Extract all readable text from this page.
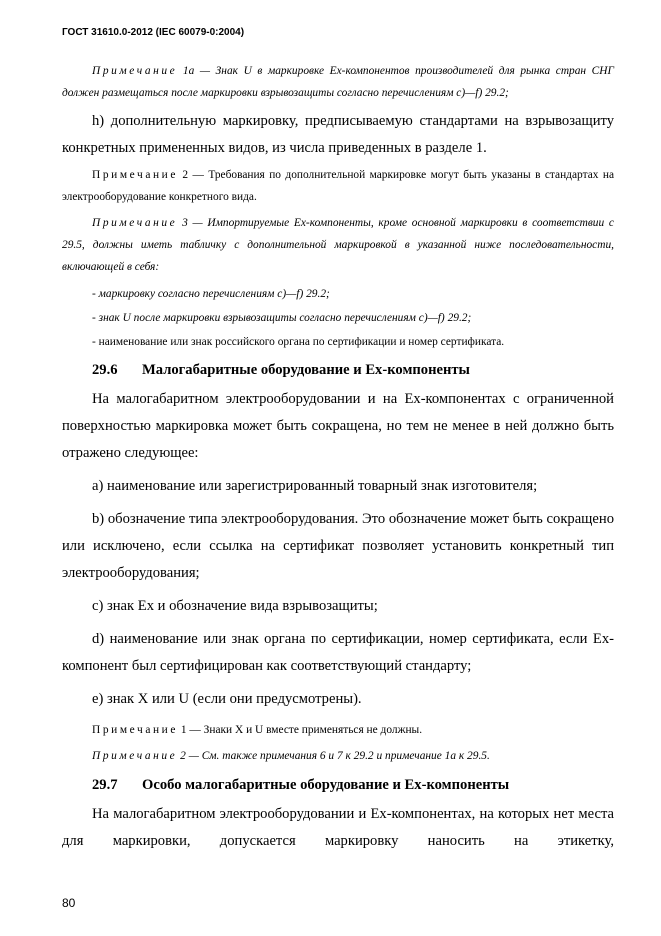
ГОСТ 31610.0-2012 (IEC 60079-0:2004)

Примечание 1а — Знак U в маркировке Ex-компонентов производителей для рынка стран СНГ должен размещаться после маркировки взрывозащиты согласно перечислениям с)—f) 29.2;

h) дополнительную маркировку, предписываемую стандартами на взрывозащиту конкретных примененных видов, из числа приведенных в разделе 1.

Примечание 2 — Требования по дополнительной маркировке могут быть указаны в стандартах на электрооборудование конкретного вида.

Примечание 3 — Импортируемые Ex-компоненты, кроме основной маркировки в соответствии с 29.5, должны иметь табличку с дополнительной маркировкой в указанной ниже последовательности, включающей в себя:

- маркировку согласно перечислениям с)—f) 29.2;

- знак U после маркировки взрывозащиты согласно перечислениям с)—f) 29.2;

- наименование или знак российского органа по сертификации и номер сертификата.

29.6 Малогабаритные оборудование и Ex-компоненты

На малогабаритном электрооборудовании и на Ex-компонентах с ограниченной поверхностью маркировка может быть сокращена, но тем не менее в ней должно быть отражено следующее:

a) наименование или зарегистрированный товарный знак изготовителя;

b) обозначение типа электрооборудования. Это обозначение может быть сокращено или исключено, если ссылка на сертификат позволяет установить конкретный тип электрооборудования;

c) знак Ex и обозначение вида взрывозащиты;

d) наименование или знак органа по сертификации, номер сертификата, если Ex-компонент был сертифицирован как соответствующий стандарту;

e) знак X или U (если они предусмотрены).

Примечание 1 — Знаки X и U вместе применяться не должны.

Примечание 2 — См. также примечания 6 и 7 к 29.2 и примечание 1а к 29.5.

29.7 Особо малогабаритные оборудование и Ex-компоненты

На малогабаритном электрооборудовании и Ex-компонентах, на которых нет места для маркировки, допускается маркировку наносить на этикетку,

80
